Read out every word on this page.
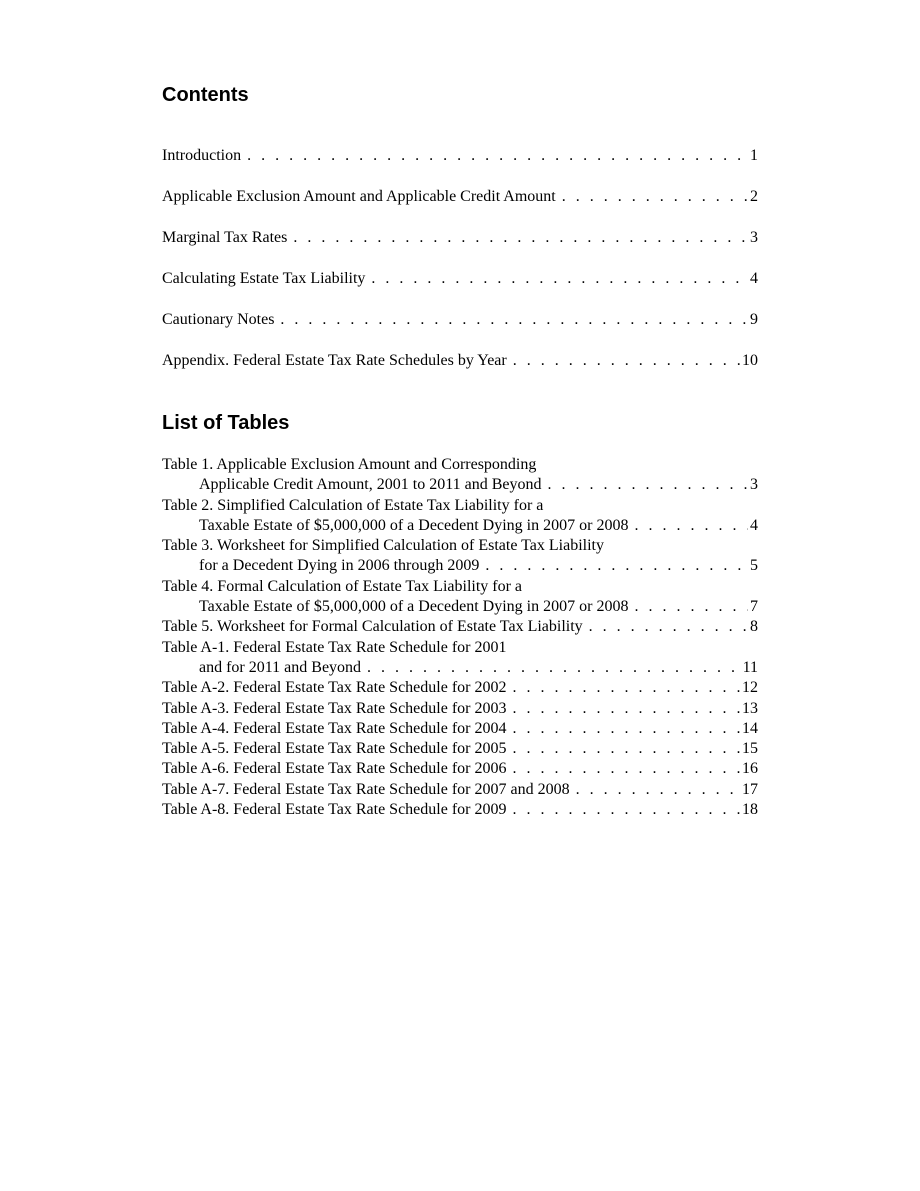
Contents
Introduction . . .	1
Applicable Exclusion Amount and Applicable Credit Amount . . .	2
Marginal Tax Rates . . .	3
Calculating Estate Tax Liability . . .	4
Cautionary Notes . . .	9
Appendix. Federal Estate Tax Rate Schedules by Year . . .	10
List of Tables
Table 1. Applicable Exclusion Amount and Corresponding
Applicable Credit Amount, 2001 to 2011 and Beyond . . .	3
Table 2. Simplified Calculation of Estate Tax Liability for a
Taxable Estate of $5,000,000 of a Decedent Dying in 2007 or 2008 . . .	4
Table 3. Worksheet for Simplified Calculation of Estate Tax Liability
for a Decedent Dying in 2006 through 2009 . . .	5
Table 4. Formal Calculation of Estate Tax Liability for a
Taxable Estate of $5,000,000 of a Decedent Dying in 2007 or 2008 . . .	7
Table 5. Worksheet for Formal Calculation of Estate Tax Liability . . .	8
Table A-1. Federal Estate Tax Rate Schedule for 2001
and for 2011 and Beyond . . .	11
Table A-2. Federal Estate Tax Rate Schedule for 2002 . . .	12
Table A-3. Federal Estate Tax Rate Schedule for 2003 . . .	13
Table A-4. Federal Estate Tax Rate Schedule for 2004 . . .	14
Table A-5. Federal Estate Tax Rate Schedule for 2005 . . .	15
Table A-6. Federal Estate Tax Rate Schedule for 2006 . . .	16
Table A-7. Federal Estate Tax Rate Schedule for 2007 and 2008 . . .	17
Table A-8. Federal Estate Tax Rate Schedule for 2009 . . .	18
